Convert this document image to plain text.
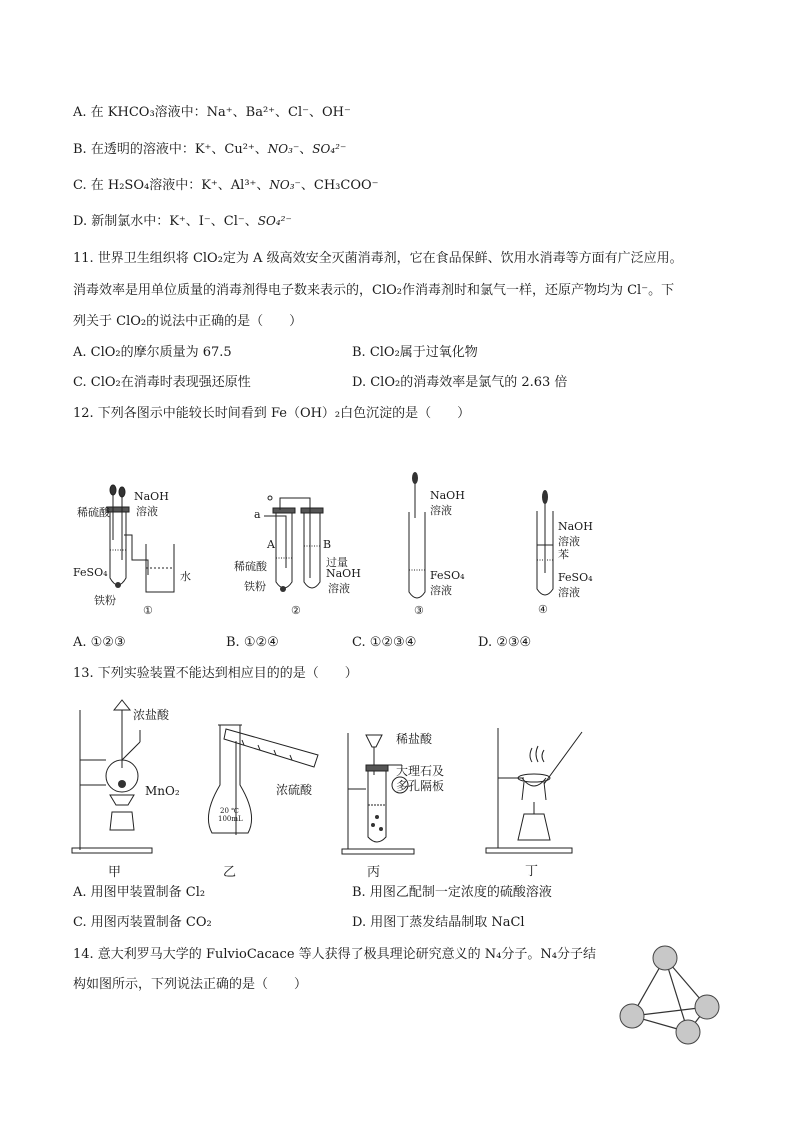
A. 在 KHCO₃溶液中：Na⁺、Ba²⁺、Cl⁻、OH⁻
B. 在透明的溶液中：K⁺、Cu²⁺、NO₃⁻、SO₄²⁻
C. 在 H₂SO₄溶液中：K⁺、Al³⁺、NO₃⁻、CH₃COO⁻
D. 新制氯水中：K⁺、I⁻、Cl⁻、SO₄²⁻
11. 世界卫生组织将 ClO₂定为 A 级高效安全灭菌消毒剂，它在食品保鲜、饮用水消毒等方面有广泛应用。
消毒效率是用单位质量的消毒剂得电子数来表示的，ClO₂作消毒剂时和氯气一样，还原产物均为 Cl⁻。下
列关于 ClO₂的说法中正确的是（　　）
A. ClO₂的摩尔质量为 67.5	B. ClO₂属于过氧化物
C. ClO₂在消毒时表现强还原性	D. ClO₂的消毒效率是氯气的 2.63 倍
12. 下列各图示中能较长时间看到 Fe（OH）₂白色沉淀的是（　　）
稀硫酸
NaOH
溶液
FeSO₄	水
铁粉
①
a
A	B
稀硫酸
铁粉
过量
NaOH
溶液
②
NaOH
溶液
FeSO₄
溶液
③
NaOH
溶液
苯
FeSO₄
溶液
④
A. ①②③	B. ①②④	C. ①②③④	D. ②③④
13. 下列实验装置不能达到相应目的的是（　　）
浓盐酸
MnO₂
甲
浓硫酸
20 ℃
100mL
乙
稀盐酸
大理石及
多孔隔板
丙	丁
A. 用图甲装置制备 Cl₂	B. 用图乙配制一定浓度的硫酸溶液
C. 用图丙装置制备 CO₂	D. 用图丁蒸发结晶制取 NaCl
14. 意大利罗马大学的 FulvioCacace 等人获得了极具理论研究意义的 N₄分子。N₄分子结
构如图所示，下列说法正确的是（　　）
